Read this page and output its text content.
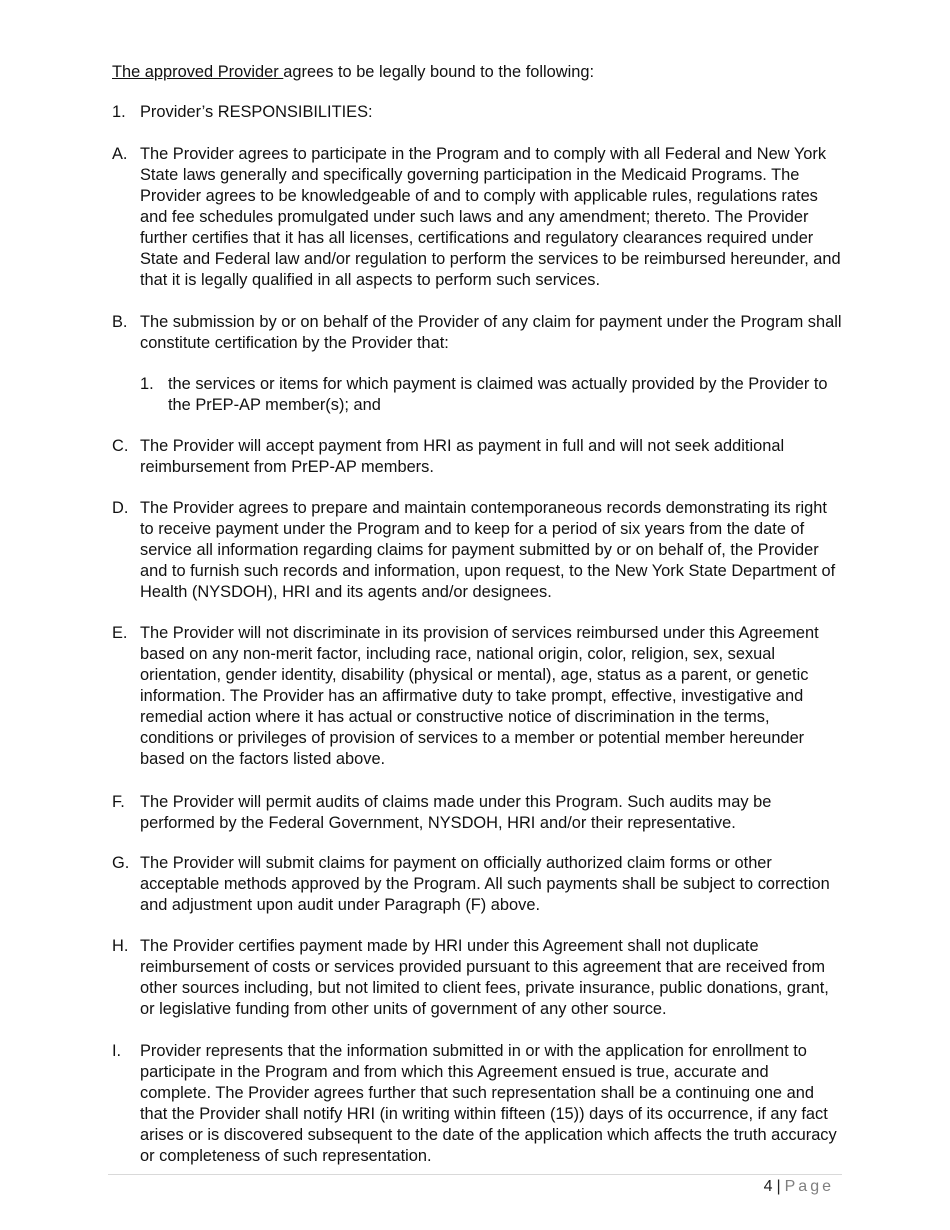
The approved Provider agrees to be legally bound to the following:
1. Provider’s RESPONSIBILITIES:
A. The Provider agrees to participate in the Program and to comply with all Federal and New York State laws generally and specifically governing participation in the Medicaid Programs. The Provider agrees to be knowledgeable of and to comply with applicable rules, regulations rates and fee schedules promulgated under such laws and any amendment; thereto. The Provider further certifies that it has all licenses, certifications and regulatory clearances required under State and Federal law and/or regulation to perform the services to be reimbursed hereunder, and that it is legally qualified in all aspects to perform such services.
B. The submission by or on behalf of the Provider of any claim for payment under the Program shall constitute certification by the Provider that:
1. the services or items for which payment is claimed was actually provided by the Provider to the PrEP-AP member(s); and
C. The Provider will accept payment from HRI as payment in full and will not seek additional reimbursement from PrEP-AP members.
D. The Provider agrees to prepare and maintain contemporaneous records demonstrating its right to receive payment under the Program and to keep for a period of six years from the date of service all information regarding claims for payment submitted by or on behalf of, the Provider and to furnish such records and information, upon request, to the New York State Department of Health (NYSDOH), HRI and its agents and/or designees.
E. The Provider will not discriminate in its provision of services reimbursed under this Agreement based on any non-merit factor, including race, national origin, color, religion, sex, sexual orientation, gender identity, disability (physical or mental), age, status as a parent, or genetic information. The Provider has an affirmative duty to take prompt, effective, investigative and remedial action where it has actual or constructive notice of discrimination in the terms, conditions or privileges of provision of services to a member or potential member hereunder based on the factors listed above.
F. The Provider will permit audits of claims made under this Program. Such audits may be performed by the Federal Government, NYSDOH, HRI and/or their representative.
G. The Provider will submit claims for payment on officially authorized claim forms or other acceptable methods approved by the Program. All such payments shall be subject to correction and adjustment upon audit under Paragraph (F) above.
H. The Provider certifies payment made by HRI under this Agreement shall not duplicate reimbursement of costs or services provided pursuant to this agreement that are received from other sources including, but not limited to client fees, private insurance, public donations, grant, or legislative funding from other units of government of any other source.
I. Provider represents that the information submitted in or with the application for enrollment to participate in the Program and from which this Agreement ensued is true, accurate and complete. The Provider agrees further that such representation shall be a continuing one and that the Provider shall notify HRI (in writing within fifteen (15)) days of its occurrence, if any fact arises or is discovered subsequent to the date of the application which affects the truth accuracy or completeness of such representation.
4 | Page
